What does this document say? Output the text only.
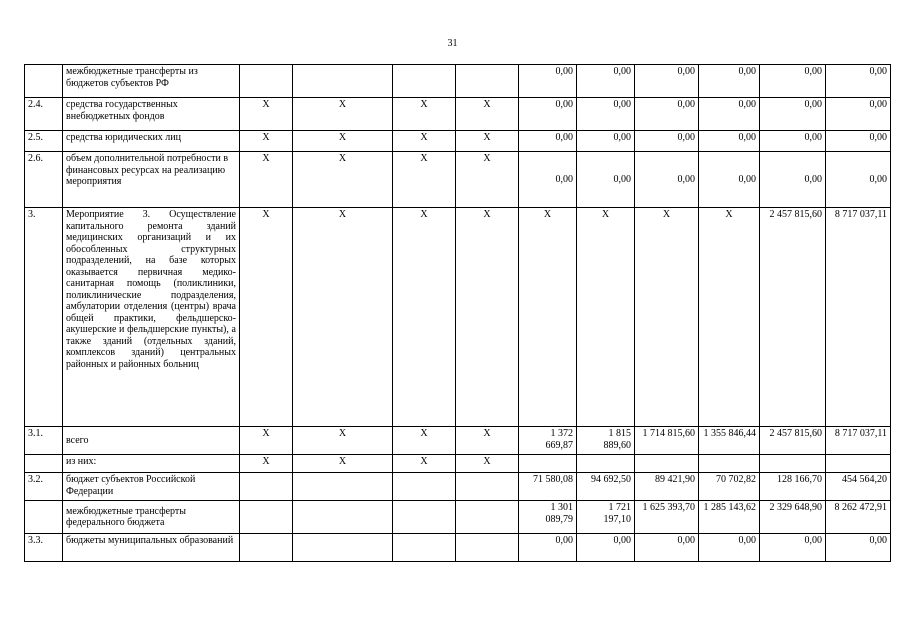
31
	межбюджетные трансферты из бюджетов субъектов РФ					0,00	0,00	0,00	0,00	0,00	0,00
2.4.	средства государственных внебюджетных фондов	Х	Х	Х	Х	0,00	0,00	0,00	0,00	0,00	0,00
2.5.	средства юридических лиц	Х	Х	Х	Х	0,00	0,00	0,00	0,00	0,00	0,00
2.6.	объем дополнительной потребности в финансовых ресурсах на реализацию мероприятия	Х	Х	Х	Х	0,00	0,00	0,00	0,00	0,00	0,00
3.	Мероприятие 3. Осуществление капитального ремонта зданий медицинских организаций и их обособленных структурных подразделений, на базе которых оказывается первичная медико-санитарная помощь (поликлиники, поликлинические подразделения, амбулатории отделения (центры) врача общей практики, фельдшерско-акушерские и фельдшерские пункты), а также зданий (отдельных зданий, комплексов зданий) центральных районных и районных больниц	Х	Х	Х	Х	Х	Х	Х	Х	2 457 815,60	8 717 037,11
3.1.	всего	Х	Х	Х	Х	1 372 669,87	1 815 889,60	1 714 815,60	1 355 846,44	2 457 815,60	8 717 037,11
	из них:	Х	Х	Х	Х						
3.2.	бюджет субъектов Российской Федерации					71 580,08	94 692,50	89 421,90	70 702,82	128 166,70	454 564,20
	межбюджетные трансферты федерального бюджета					1 301 089,79	1 721 197,10	1 625 393,70	1 285 143,62	2 329 648,90	8 262 472,91
3.3.	бюджеты муниципальных образований					0,00	0,00	0,00	0,00	0,00	0,00
